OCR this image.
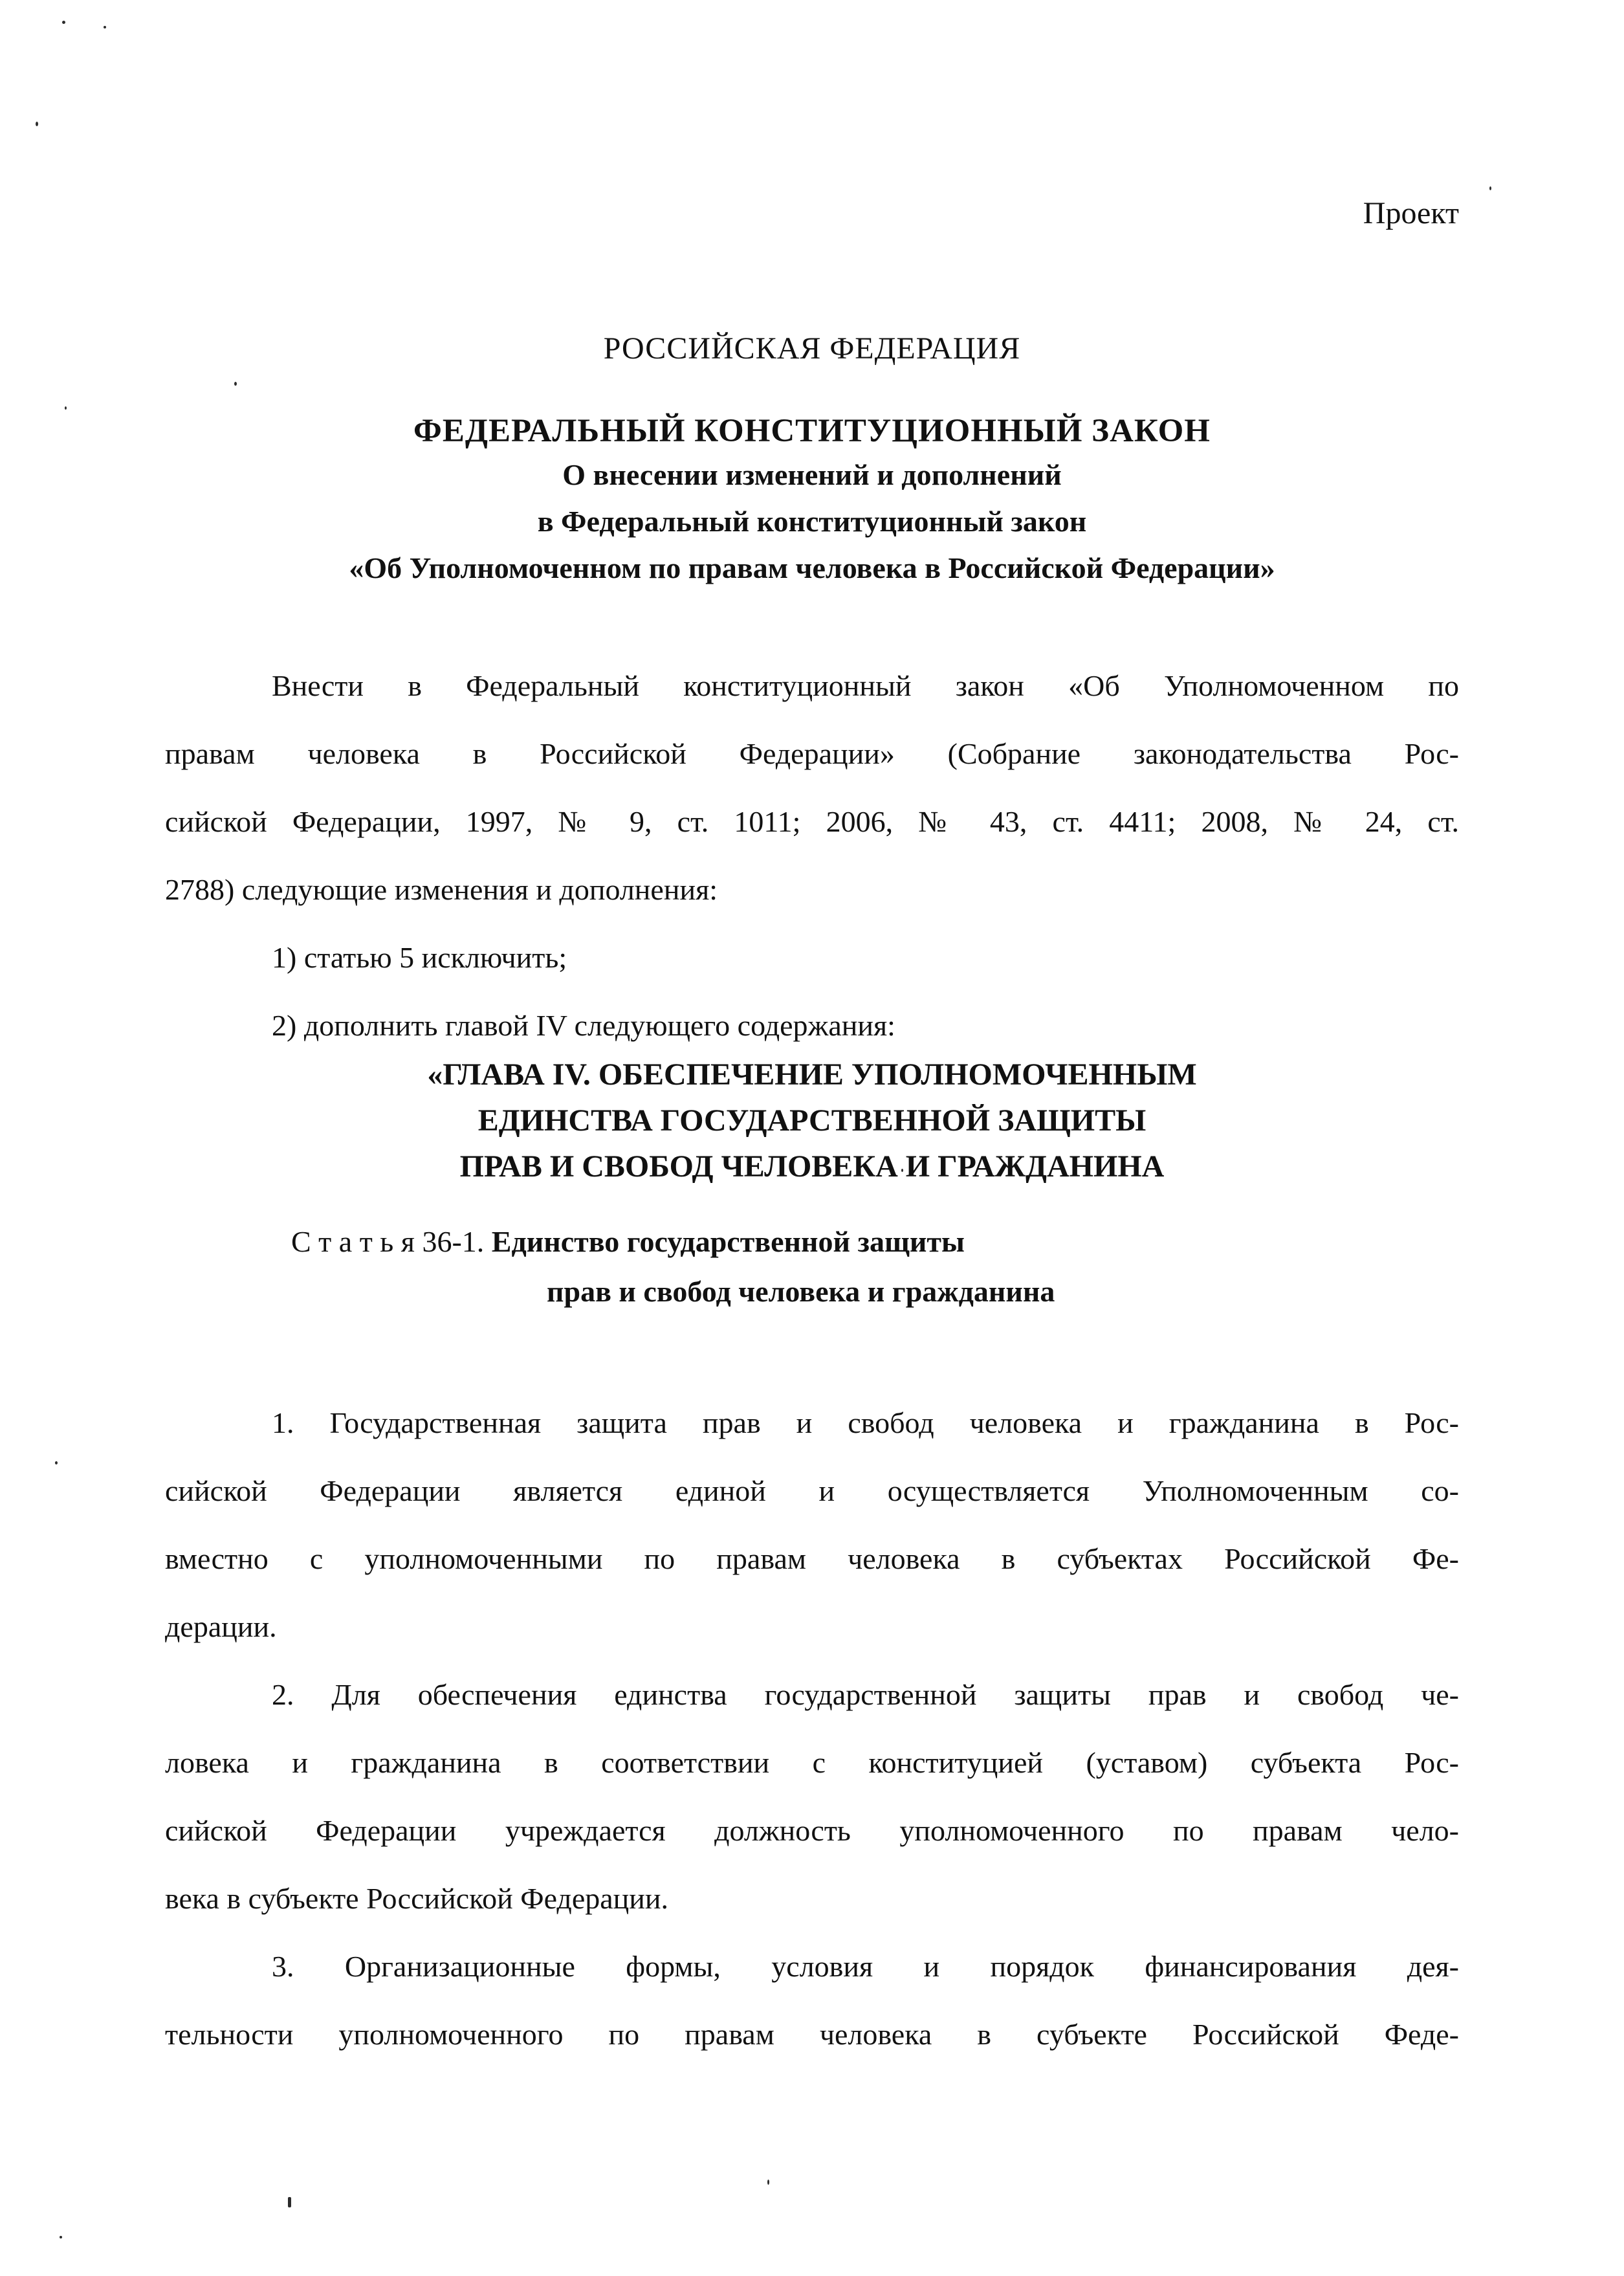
Проект
РОССИЙСКАЯ ФЕДЕРАЦИЯ
ФЕДЕРАЛЬНЫЙ КОНСТИТУЦИОННЫЙ ЗАКОН
О внесении изменений и дополнений
в Федеральный конституционный закон
«Об Уполномоченном по правам человека в Российской Федерации»
Внести в Федеральный конституционный закон «Об Уполномоченном по
правам человека в Российской Федерации» (Собрание законодательства Рос-
сийской Федерации, 1997, № 9, ст. 1011; 2006, № 43, ст. 4411; 2008, № 24, ст.
2788) следующие изменения и дополнения:
1) статью 5 исключить;
2) дополнить главой IV следующего содержания:
«ГЛАВА IV. ОБЕСПЕЧЕНИЕ УПОЛНОМОЧЕННЫМ
ЕДИНСТВА ГОСУДАРСТВЕННОЙ ЗАЩИТЫ
ПРАВ И СВОБОД ЧЕЛОВЕКА И ГРАЖДАНИНА
С т а т ь я 36-1. Единство государственной защиты
прав и свобод человека и гражданина
1. Государственная защита прав и свобод человека и гражданина в Рос-
сийской Федерации является единой и осуществляется Уполномоченным со-
вместно с уполномоченными по правам человека в субъектах Российской Фе-
дерации.
2. Для обеспечения единства государственной защиты прав и свобод че-
ловека и гражданина в соответствии с конституцией (уставом) субъекта Рос-
сийской Федерации учреждается должность уполномоченного по правам чело-
века в субъекте Российской Федерации.
3. Организационные формы, условия и порядок финансирования дея-
тельности уполномоченного по правам человека в субъекте Российской Феде-
